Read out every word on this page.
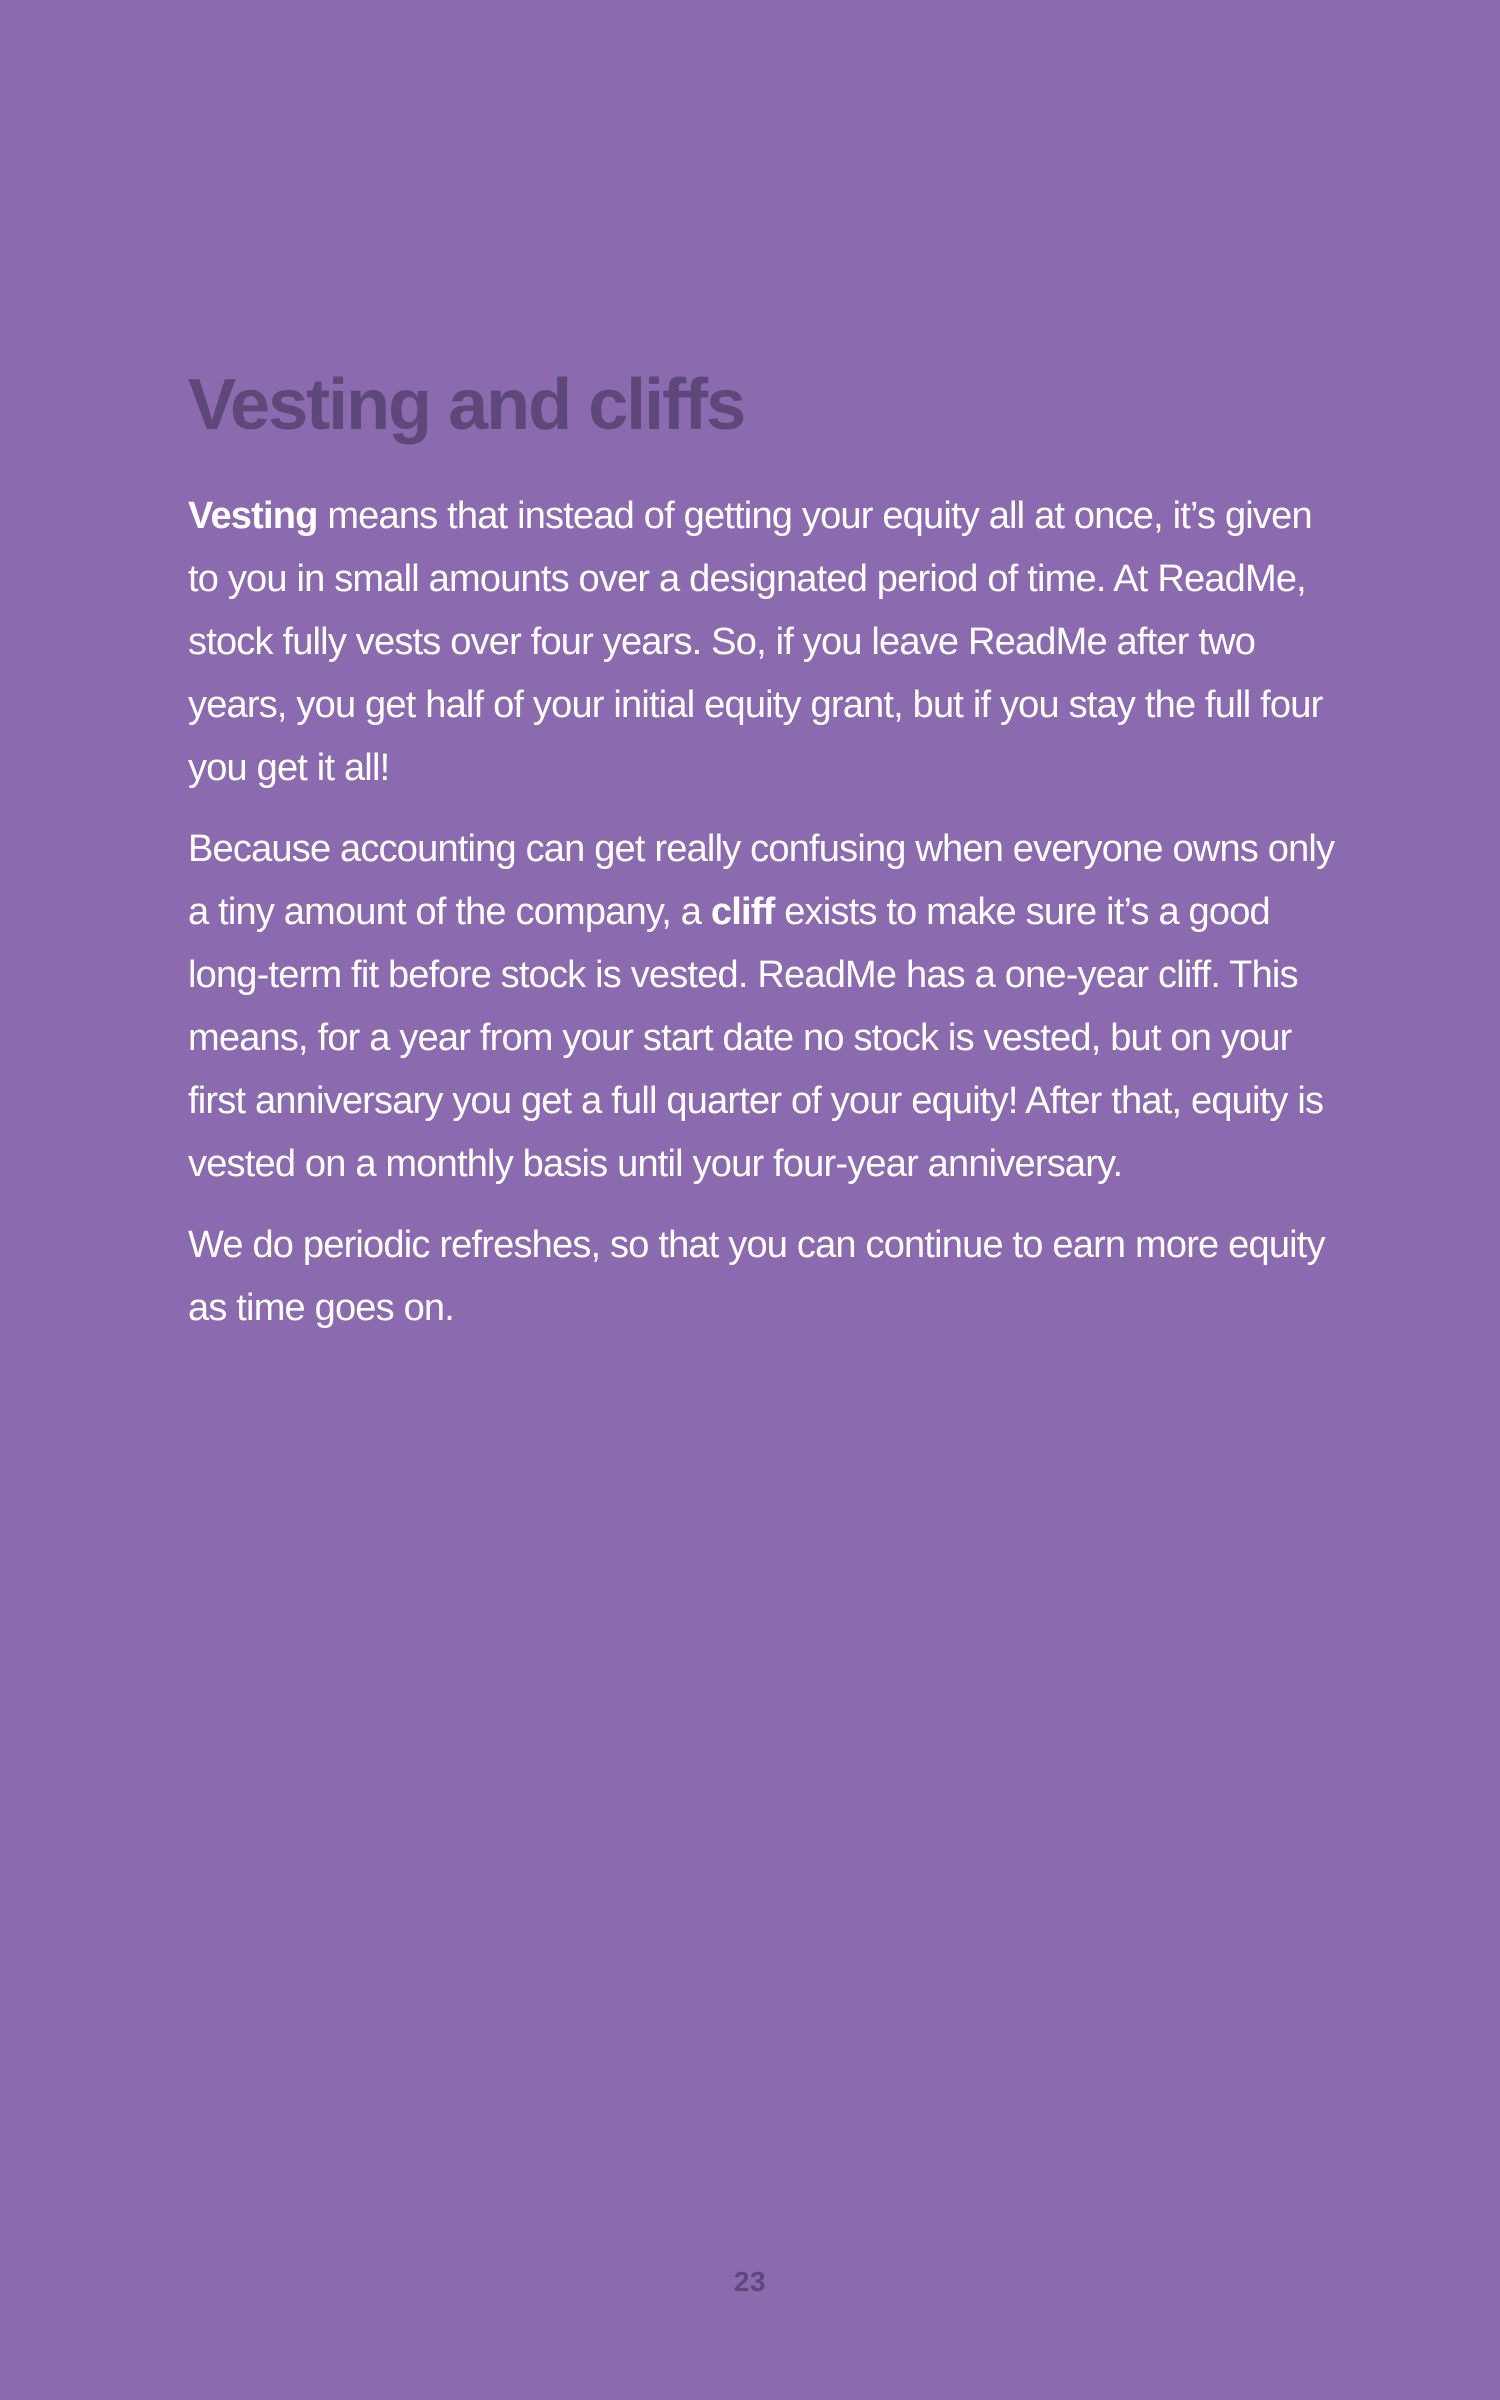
Vesting and cliffs

Vesting means that instead of getting your equity all at once, it’s given to you in small amounts over a designated period of time. At ReadMe, stock fully vests over four years. So, if you leave ReadMe after two years, you get half of your initial equity grant, but if you stay the full four you get it all!

Because accounting can get really confusing when everyone owns only a tiny amount of the company, a cliff exists to make sure it’s a good long-term fit before stock is vested. ReadMe has a one-year cliff. This means, for a year from your start date no stock is vested, but on your first anniversary you get a full quarter of your equity! After that, equity is vested on a monthly basis until your four-year anniversary.

We do periodic refreshes, so that you can continue to earn more equity as time goes on.

23
